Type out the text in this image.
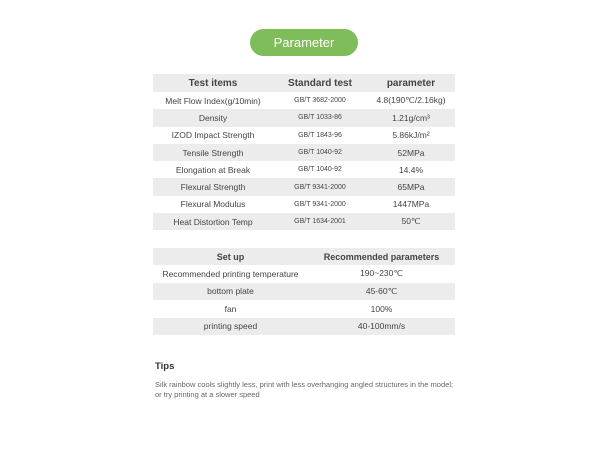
Parameter
Test items	Standard test	parameter
Melt Flow Index(g/10min)	GB/T 3682-2000	4.8(190℃/2.16kg)
Density	GB/T 1033-86	1.21g/cm³
IZOD Impact Strength	GB/T 1843-96	5.86kJ/m²
Tensile Strength	GB/T 1040-92	52MPa
Elongation at Break	GB/T 1040-92	14.4%
Flexural Strength	GB/T 9341-2000	65MPa
Flexural Modulus	GB/T 9341-2000	1447MPa
Heat Distortion Temp	GB/T 1634-2001	50℃
Set up	Recommended parameters
Recommended printing temperature	190~230℃
bottom plate	45-60℃
fan	100%
printing speed	40-100mm/s
Tips
Silk rainbow cools slightly less, print with less overhanging angled structures in the model; or try printing at a slower speed
